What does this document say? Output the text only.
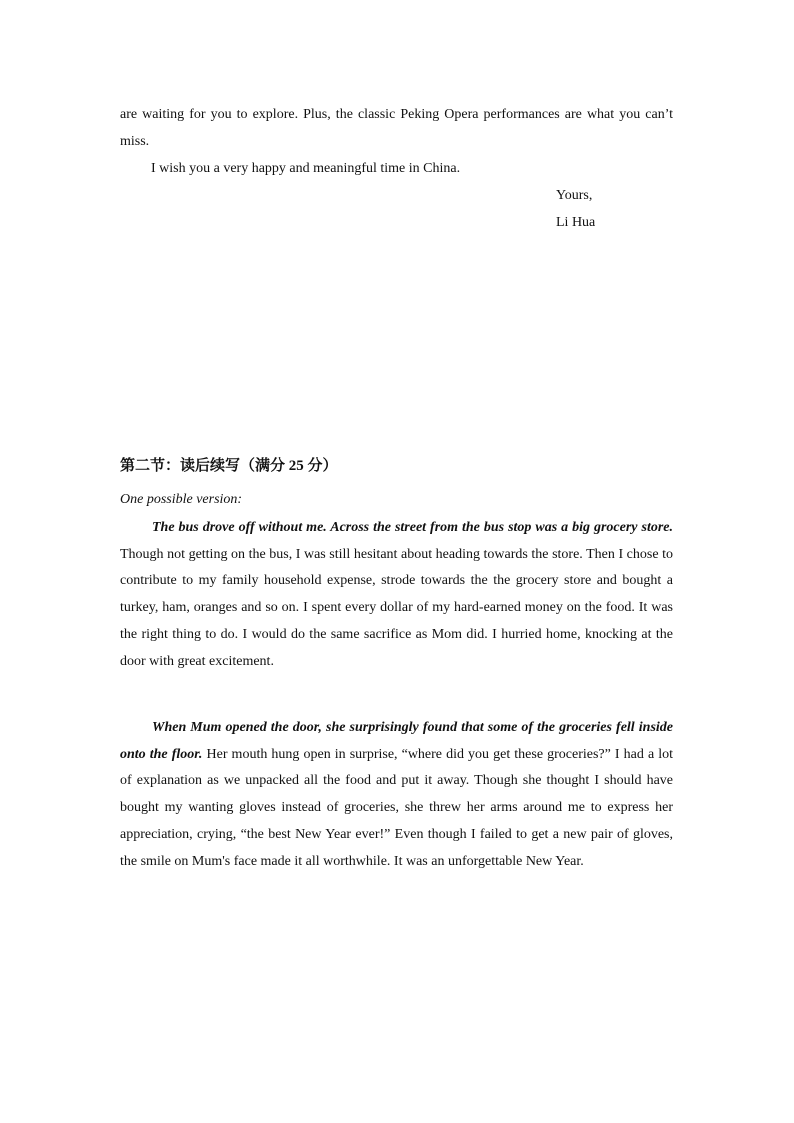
are waiting for you to explore. Plus, the classic Peking Opera performances are what you can’t miss.

I wish you a very happy and meaningful time in China.

Yours,

Li Hua

第二节：读后续写（满分 25 分）
One possible version:

The bus drove off without me. Across the street from the bus stop was a big grocery store. Though not getting on the bus, I was still hesitant about heading towards the store. Then I chose to contribute to my family household expense, strode towards the the grocery store and bought a turkey, ham, oranges and so on. I spent every dollar of my hard-earned money on the food. It was the right thing to do. I would do the same sacrifice as Mom did. I hurried home, knocking at the door with great excitement.

When Mum opened the door, she surprisingly found that some of the groceries fell inside onto the floor. Her mouth hung open in surprise, “where did you get these groceries?” I had a lot of explanation as we unpacked all the food and put it away. Though she thought I should have bought my wanting gloves instead of groceries, she threw her arms around me to express her appreciation, crying, “the best New Year ever!” Even though I failed to get a new pair of gloves, the smile on Mum's face made it all worthwhile. It was an unforgettable New Year.
